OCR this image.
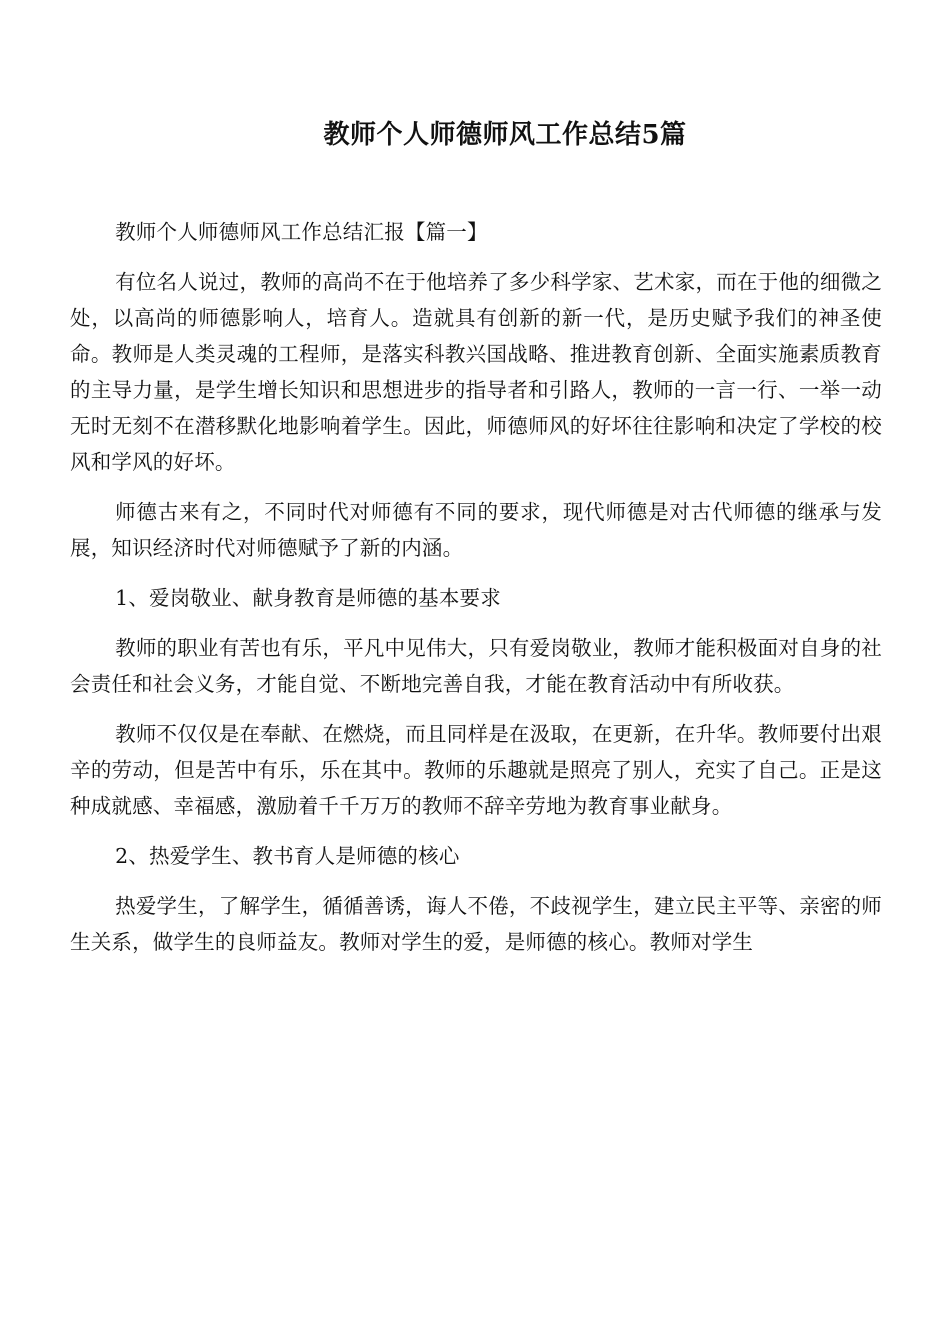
教师个人师德师风工作总结5篇

教师个人师德师风工作总结汇报【篇一】

有位名人说过，教师的高尚不在于他培养了多少科学家、艺术家，而在于他的细微之处，以高尚的师德影响人，培育人。造就具有创新的新一代，是历史赋予我们的神圣使命。教师是人类灵魂的工程师，是落实科教兴国战略、推进教育创新、全面实施素质教育的主导力量，是学生增长知识和思想进步的指导者和引路人，教师的一言一行、一举一动无时无刻不在潜移默化地影响着学生。因此，师德师风的好坏往往影响和决定了学校的校风和学风的好坏。

师德古来有之，不同时代对师德有不同的要求，现代师德是对古代师德的继承与发展，知识经济时代对师德赋予了新的内涵。

1、爱岗敬业、献身教育是师德的基本要求

教师的职业有苦也有乐，平凡中见伟大，只有爱岗敬业，教师才能积极面对自身的社会责任和社会义务，才能自觉、不断地完善自我，才能在教育活动中有所收获。

教师不仅仅是在奉献、在燃烧，而且同样是在汲取，在更新，在升华。教师要付出艰辛的劳动，但是苦中有乐，乐在其中。教师的乐趣就是照亮了别人，充实了自己。正是这种成就感、幸福感，激励着千千万万的教师不辞辛劳地为教育事业献身。

2、热爱学生、教书育人是师德的核心

热爱学生，了解学生，循循善诱，诲人不倦，不歧视学生，建立民主平等、亲密的师生关系，做学生的良师益友。教师对学生的爱，是师德的核心。教师对学生
